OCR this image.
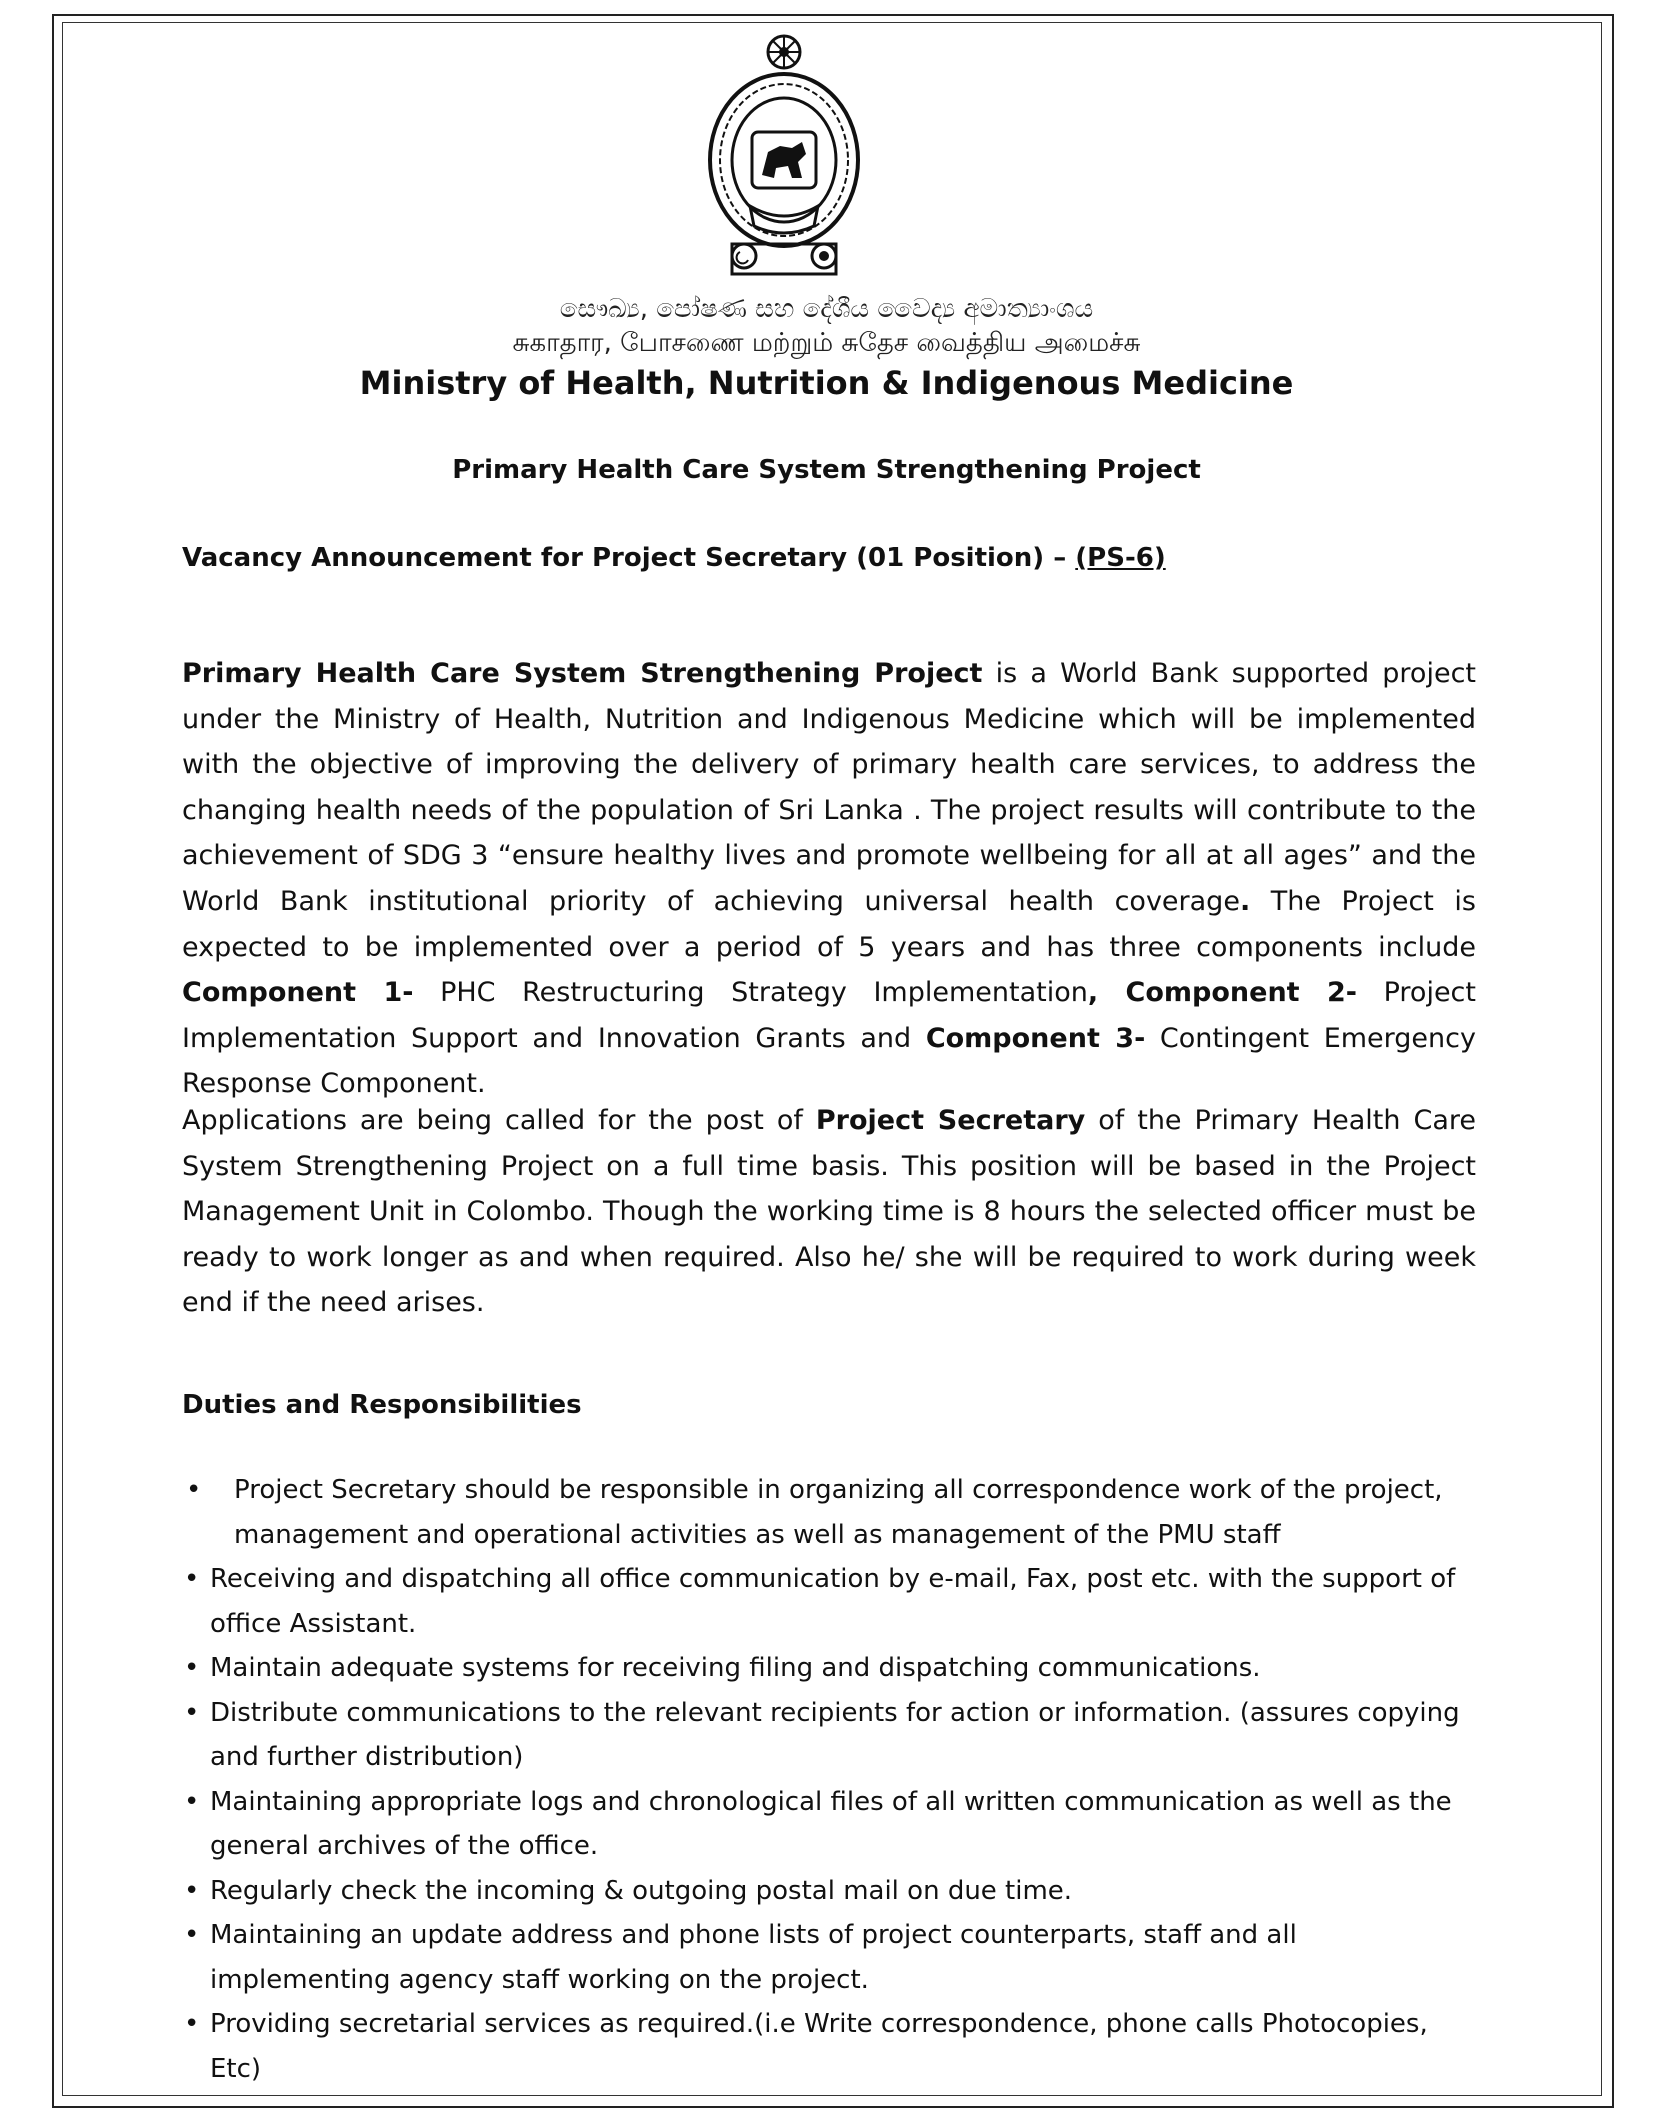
සෞඛ්‍ය, පෝෂණ සහ දේශීය වෛද්‍ය අමාත්‍යාංශය
சுகாதார, போசணை மற்றும் சுதேச வைத்திய அமைச்சு
Ministry of Health, Nutrition & Indigenous Medicine
Primary Health Care System Strengthening Project
Vacancy Announcement for Project Secretary (01 Position) – (PS-6)
Primary Health Care System Strengthening Project is a World Bank supported project under the Ministry of Health, Nutrition and Indigenous Medicine which will be implemented with the objective of improving the delivery of primary health care services, to address the changing health needs of the population of Sri Lanka . The project results will contribute to the achievement of SDG 3 “ensure healthy lives and promote wellbeing for all at all ages” and the World Bank institutional priority of achieving universal health coverage. The Project is expected to be implemented over a period of 5 years and has three components include Component 1- PHC Restructuring Strategy Implementation, Component 2- Project Implementation Support and Innovation Grants and Component 3- Contingent Emergency Response Component.
Applications are being called for the post of Project Secretary of the Primary Health Care System Strengthening Project on a full time basis. This position will be based in the Project Management Unit in Colombo. Though the working time is 8 hours the selected officer must be ready to work longer as and when required. Also he/ she will be required to work during week end if the need arises.
Duties and Responsibilities
• Project Secretary should be responsible in organizing all correspondence work of the project, management and operational activities as well as management of the PMU staff
• Receiving and dispatching all office communication by e-mail, Fax, post etc. with the support of office Assistant.
• Maintain adequate systems for receiving filing and dispatching communications.
• Distribute communications to the relevant recipients for action or information. (assures copying and further distribution)
• Maintaining appropriate logs and chronological files of all written communication as well as the general archives of the office.
• Regularly check the incoming & outgoing postal mail on due time.
• Maintaining an update address and phone lists of project counterparts, staff and all implementing agency staff working on the project.
• Providing secretarial services as required.(i.e Write correspondence, phone calls Photocopies, Etc)
